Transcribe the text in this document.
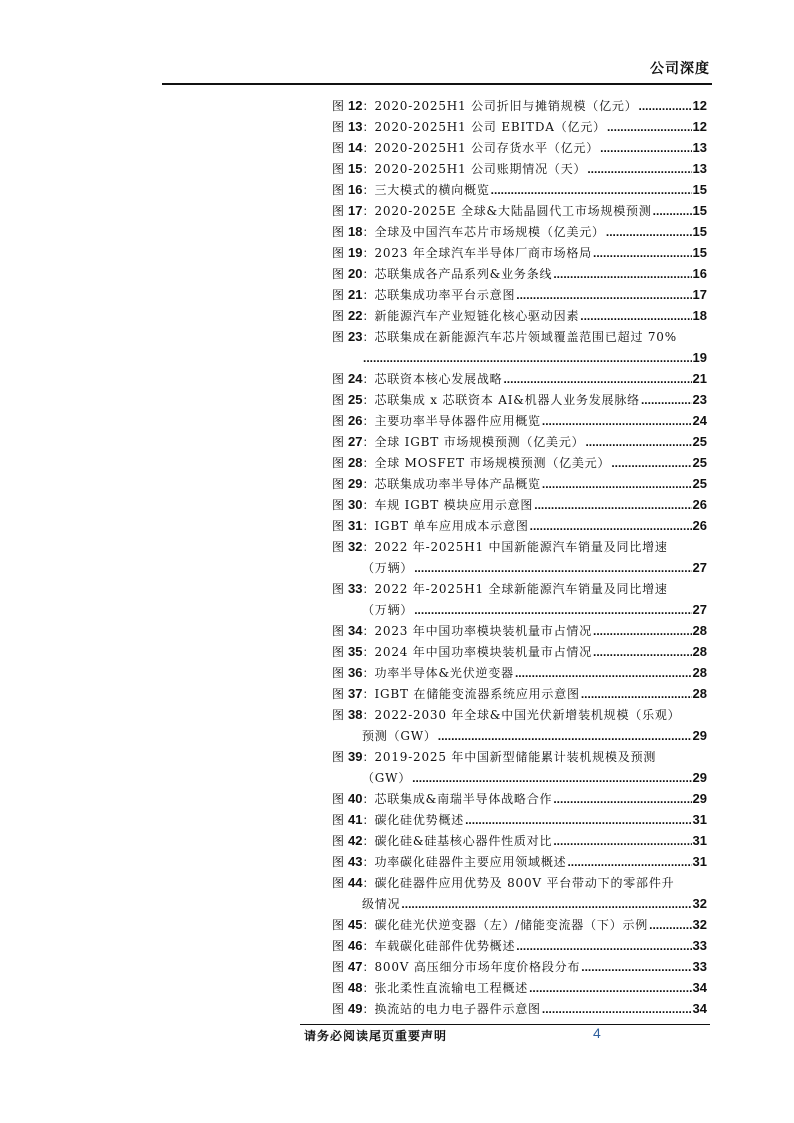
公司深度
图
12 ： 2020-2025H1 公司折旧与摊销规模（亿元） .....	12
图
13 ： 2020-2025H1 公司 EBITDA（亿元） .....	12
图
14 ： 2020-2025H1 公司存货水平（亿元） .....	13
图
15 ： 2020-2025H1 公司账期情况（天） .....	13
图
16 ： 三大模式的横向概览 .....	15
图
17 ： 2020-2025E 全球&大陆晶圆代工市场规模预测 .....	15
图
18 ： 全球及中国汽车芯片市场规模（亿美元） .....	15
图
19 ： 2023 年全球汽车半导体厂商市场格局 .....	15
图
20 ： 芯联集成各产品系列&业务条线 .....	16
图
21 ： 芯联集成功率平台示意图 .....	17
图
22 ： 新能源汽车产业短链化核心驱动因素 .....	18
图
23 ： 芯联集成在新能源汽车芯片领域覆盖范围已超过 70%
.....
19
图
24 ： 芯联资本核心发展战略 .....	21
图
25 ： 芯联集成 x 芯联资本 AI&机器人业务发展脉络 .....	23
图
26 ： 主要功率半导体器件应用概览 .....	24
图
27 ： 全球 IGBT 市场规模预测（亿美元） .....	25
图
28 ： 全球 MOSFET 市场规模预测（亿美元） .....	25
图
29 ： 芯联集成功率半导体产品概览 .....	25
图
30 ： 车规 IGBT 模块应用示意图 .....	26
图
31 ： IGBT 单车应用成本示意图 .....	26
图
32 ： 2022 年-2025H1 中国新能源汽车销量及同比增速
（万辆） .....	27
图
33 ： 2022 年-2025H1 全球新能源汽车销量及同比增速
（万辆） .....	27
图
34 ： 2023 年中国功率模块装机量市占情况 .....	28
图
35 ： 2024 年中国功率模块装机量市占情况 .....	28
图
36 ： 功率半导体&光伏逆变器 .....	28
图
37 ： IGBT 在储能变流器系统应用示意图 .....	28
图
38 ： 2022-2030 年全球&中国光伏新增装机规模（乐观）
预测（GW） .....	29
图
39 ： 2019-2025 年中国新型储能累计装机规模及预测
（GW） .....	29
图
40 ： 芯联集成&南瑞半导体战略合作 .....	29
图
41 ： 碳化硅优势概述 .....	31
图
42 ： 碳化硅&硅基核心器件性质对比 .....	31
图
43 ： 功率碳化硅器件主要应用领域概述 .....	31
图
44 ： 碳化硅器件应用优势及 800V 平台带动下的零部件升
级情况 .....	32
图
45 ： 碳化硅光伏逆变器（左）/储能变流器（下）示例 .....	32
图
46 ： 车载碳化硅部件优势概述 .....	33
图
47 ： 800V 高压细分市场年度价格段分布 .....	33
图
48 ： 张北柔性直流输电工程概述 .....	34
图
49 ： 换流站的电力电子器件示意图 .....	34
请务必阅读尾页重要声明	4
